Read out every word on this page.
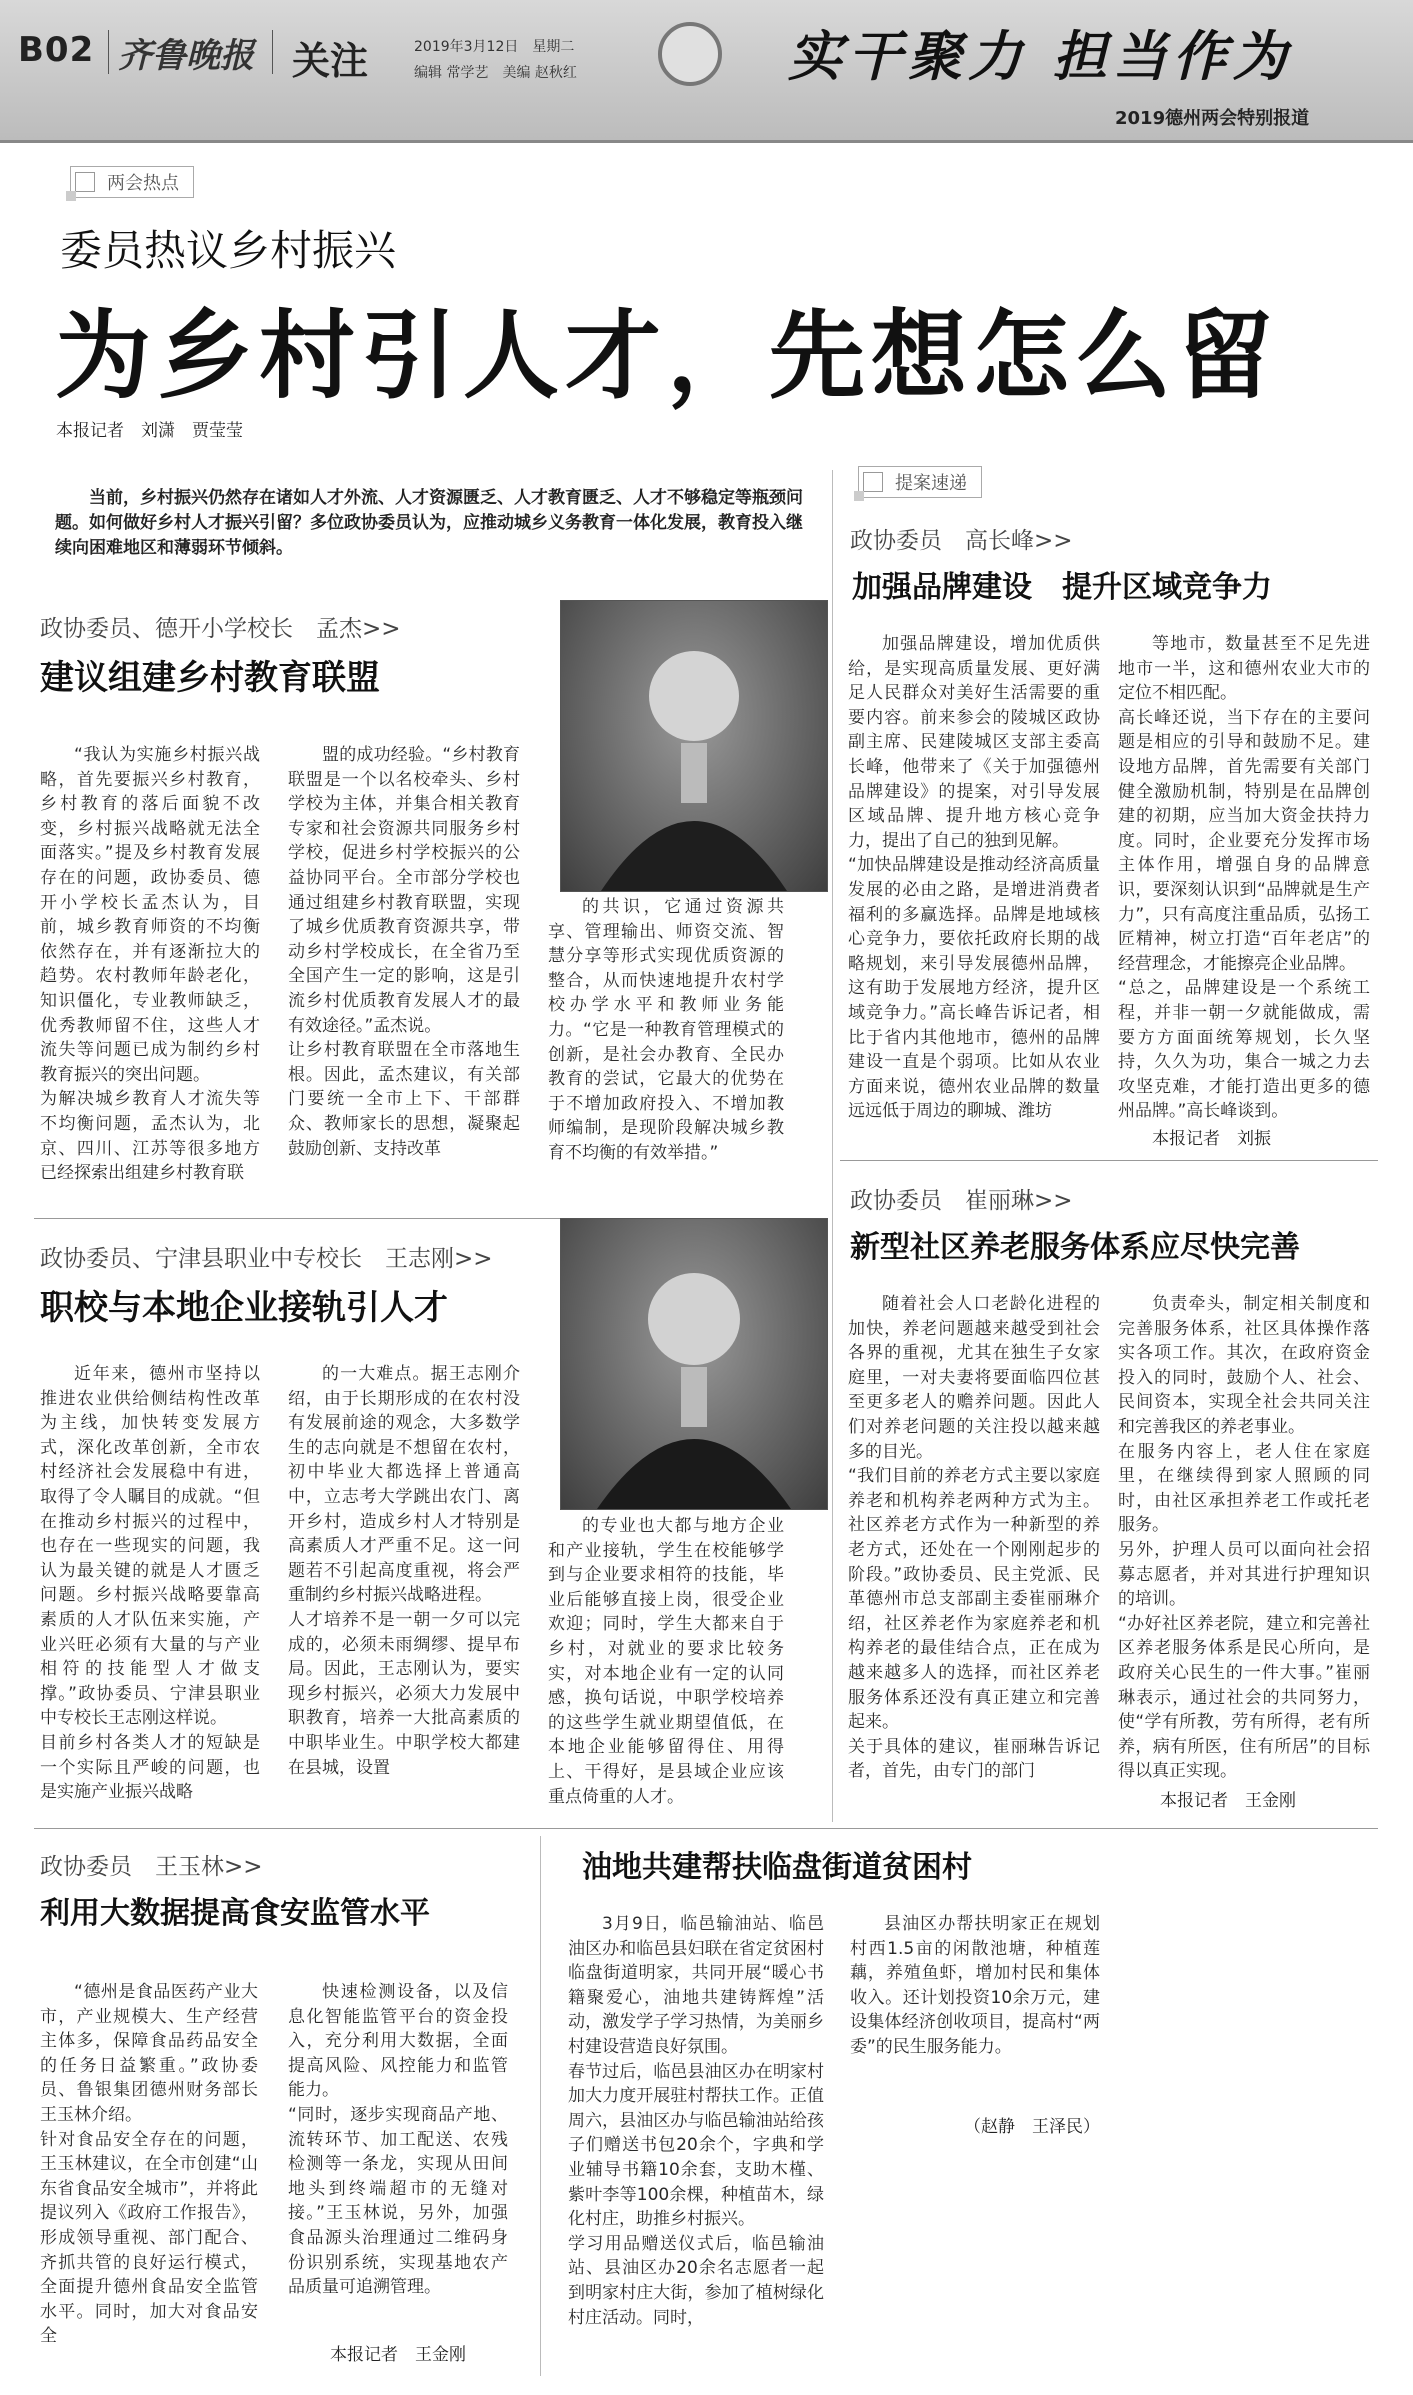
B02 齐鲁晚报 关注	2019年3月12日　星期二
编辑 常学艺　美编 赵秋红	实干聚力 担当作为
2019德州两会特别报道
两会热点
委员热议乡村振兴
为乡村引人才，先想怎么留
本报记者　刘潇　贾莹莹
当前，乡村振兴仍然存在诸如人才外流、人才资源匮乏、人才教育匮乏、人才不够稳定等瓶颈问题。如何做好乡村人才振兴引留？多位政协委员认为，应推动城乡义务教育一体化发展，教育投入继续向困难地区和薄弱环节倾斜。
提案速递
政协委员、德开小学校长　孟杰>>
建议组建乡村教育联盟
“我认为实施乡村振兴战略，首先要振兴乡村教育，乡村教育的落后面貌不改变，乡村振兴战略就无法全面落实。”提及乡村教育发展存在的问题，政协委员、德开小学校长孟杰认为，目前，城乡教育师资的不均衡依然存在，并有逐渐拉大的趋势。农村教师年龄老化，知识僵化，专业教师缺乏，优秀教师留不住，这些人才流失等问题已成为制约乡村教育振兴的突出问题。
为解决城乡教育人才流失等不均衡问题，孟杰认为，北京、四川、江苏等很多地方已经探索出组建乡村教育联
盟的成功经验。“乡村教育联盟是一个以名校牵头、乡村学校为主体，并集合相关教育专家和社会资源共同服务乡村学校，促进乡村学校振兴的公益协同平台。全市部分学校也通过组建乡村教育联盟，实现了城乡优质教育资源共享，带动乡村学校成长，在全省乃至全国产生一定的影响，这是引流乡村优质教育发展人才的最有效途径。”孟杰说。
让乡村教育联盟在全市落地生根。因此，孟杰建议，有关部门要统一全市上下、干部群众、教师家长的思想，凝聚起鼓励创新、支持改革
的共识，它通过资源共享、管理输出、师资交流、智慧分享等形式实现优质资源的整合，从而快速地提升农村学校办学水平和教师业务能力。“它是一种教育管理模式的创新，是社会办教育、全民办教育的尝试，它最大的优势在于不增加政府投入、不增加教师编制，是现阶段解决城乡教育不均衡的有效举措。”
政协委员、宁津县职业中专校长　王志刚>>
职校与本地企业接轨引人才
近年来，德州市坚持以推进农业供给侧结构性改革为主线，加快转变发展方式，深化改革创新，全市农村经济社会发展稳中有进，取得了令人瞩目的成就。“但在推动乡村振兴的过程中，也存在一些现实的问题，我认为最关键的就是人才匮乏问题。乡村振兴战略要靠高素质的人才队伍来实施，产业兴旺必须有大量的与产业相符的技能型人才做支撑。”政协委员、宁津县职业中专校长王志刚这样说。
目前乡村各类人才的短缺是一个实际且严峻的问题，也是实施产业振兴战略
的一大难点。据王志刚介绍，由于长期形成的在农村没有发展前途的观念，大多数学生的志向就是不想留在农村，初中毕业大都选择上普通高中，立志考大学跳出农门、离开乡村，造成乡村人才特别是高素质人才严重不足。这一问题若不引起高度重视，将会严重制约乡村振兴战略进程。
人才培养不是一朝一夕可以完成的，必须未雨绸缪、提早布局。因此，王志刚认为，要实现乡村振兴，必须大力发展中职教育，培养一大批高素质的中职毕业生。中职学校大都建在县城，设置
的专业也大都与地方企业和产业接轨，学生在校能够学到与企业要求相符的技能，毕业后能够直接上岗，很受企业欢迎；同时，学生大都来自于乡村，对就业的要求比较务实，对本地企业有一定的认同感，换句话说，中职学校培养的这些学生就业期望值低，在本地企业能够留得住、用得上、干得好，是县域企业应该重点倚重的人才。
政协委员　王玉林>>
利用大数据提高食安监管水平
“德州是食品医药产业大市，产业规模大、生产经营主体多，保障食品药品安全的任务日益繁重。”政协委员、鲁银集团德州财务部长王玉林介绍。
针对食品安全存在的问题，王玉林建议，在全市创建“山东省食品安全城市”，并将此提议列入《政府工作报告》，形成领导重视、部门配合、齐抓共管的良好运行模式，全面提升德州食品安全监管水平。同时，加大对食品安全
快速检测设备，以及信息化智能监管平台的资金投入，充分利用大数据，全面提高风险、风控能力和监管能力。
“同时，逐步实现商品产地、流转环节、加工配送、农残检测等一条龙，实现从田间地头到终端超市的无缝对接。”王玉林说，另外，加强食品源头治理通过二维码身份识别系统，实现基地农产品质量可追溯管理。
本报记者　王金刚
政协委员　高长峰>>
加强品牌建设　提升区域竞争力
加强品牌建设，增加优质供给，是实现高质量发展、更好满足人民群众对美好生活需要的重要内容。前来参会的陵城区政协副主席、民建陵城区支部主委高长峰，他带来了《关于加强德州品牌建设》的提案，对引导发展区域品牌、提升地方核心竞争力，提出了自己的独到见解。
“加快品牌建设是推动经济高质量发展的必由之路，是增进消费者福利的多赢选择。品牌是地域核心竞争力，要依托政府长期的战略规划，来引导发展德州品牌，这有助于发展地方经济，提升区域竞争力。”高长峰告诉记者，相比于省内其他地市，德州的品牌建设一直是个弱项。比如从农业方面来说，德州农业品牌的数量远远低于周边的聊城、潍坊
等地市，数量甚至不足先进地市一半，这和德州农业大市的定位不相匹配。
高长峰还说，当下存在的主要问题是相应的引导和鼓励不足。建设地方品牌，首先需要有关部门健全激励机制，特别是在品牌创建的初期，应当加大资金扶持力度。同时，企业要充分发挥市场主体作用，增强自身的品牌意识，要深刻认识到“品牌就是生产力”，只有高度注重品质，弘扬工匠精神，树立打造“百年老店”的经营理念，才能擦亮企业品牌。
“总之，品牌建设是一个系统工程，并非一朝一夕就能做成，需要方方面面统筹规划，长久坚持，久久为功，集合一城之力去攻坚克难，才能打造出更多的德州品牌。”高长峰谈到。
本报记者　刘振
政协委员　崔丽琳>>
新型社区养老服务体系应尽快完善
随着社会人口老龄化进程的加快，养老问题越来越受到社会各界的重视，尤其在独生子女家庭里，一对夫妻将要面临四位甚至更多老人的赡养问题。因此人们对养老问题的关注投以越来越多的目光。
“我们目前的养老方式主要以家庭养老和机构养老两种方式为主。社区养老方式作为一种新型的养老方式，还处在一个刚刚起步的阶段。”政协委员、民主党派、民革德州市总支部副主委崔丽琳介绍，社区养老作为家庭养老和机构养老的最佳结合点，正在成为越来越多人的选择，而社区养老服务体系还没有真正建立和完善起来。
关于具体的建议，崔丽琳告诉记者，首先，由专门的部门
负责牵头，制定相关制度和完善服务体系，社区具体操作落实各项工作。其次，在政府资金投入的同时，鼓励个人、社会、民间资本，实现全社会共同关注和完善我区的养老事业。
在服务内容上，老人住在家庭里，在继续得到家人照顾的同时，由社区承担养老工作或托老服务。
另外，护理人员可以面向社会招募志愿者，并对其进行护理知识的培训。
“办好社区养老院，建立和完善社区养老服务体系是民心所向，是政府关心民生的一件大事。”崔丽琳表示，通过社会的共同努力，使“学有所教，劳有所得，老有所养，病有所医，住有所居”的目标得以真正实现。
本报记者　王金刚
油地共建帮扶临盘街道贫困村
3月9日，临邑输油站、临邑油区办和临邑县妇联在省定贫困村临盘街道明家，共同开展“暖心书籍聚爱心，油地共建铸辉煌”活动，激发学子学习热情，为美丽乡村建设营造良好氛围。
春节过后，临邑县油区办在明家村加大力度开展驻村帮扶工作。正值周六，县油区办与临邑输油站给孩子们赠送书包20余个，字典和学业辅导书籍10余套，支助木槿、紫叶李等100余棵，种植苗木，绿化村庄，助推乡村振兴。
学习用品赠送仪式后，临邑输油站、县油区办20余名志愿者一起到明家村庄大街，参加了植树绿化村庄活动。同时，
县油区办帮扶明家正在规划村西1.5亩的闲散池塘，种植莲藕，养殖鱼虾，增加村民和集体收入。还计划投资10余万元，建设集体经济创收项目，提高村“两委”的民生服务能力。
（赵静　王泽民）
